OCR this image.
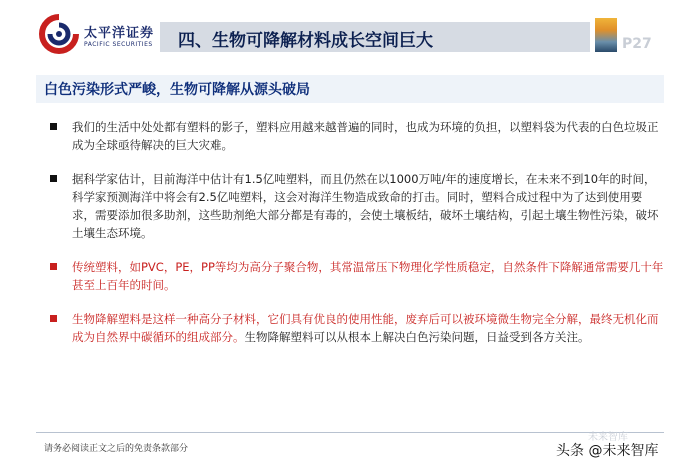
太平洋证券
PACIFIC SECURITIES 四、生物可降解材料成长空间巨大	P27
白色污染形式严峻，生物可降解从源头破局
我们的生活中处处都有塑料的影子，塑料应用越来越普遍的同时，也成为环境的负担，以塑料袋为代表的白色垃圾正成为全球亟待解决的巨大灾难。
据科学家估计，目前海洋中估计有1.5亿吨塑料，而且仍然在以1000万吨/年的速度增长，在未来不到10年的时间，科学家预测海洋中将会有2.5亿吨塑料，这会对海洋生物造成致命的打击。同时，塑料合成过程中为了达到使用要求，需要添加很多助剂，这些助剂绝大部分都是有毒的，会使土壤板结，破坏土壤结构，引起土壤生物性污染，破坏土壤生态环境。
传统塑料，如PVC，PE，PP等均为高分子聚合物，其常温常压下物理化学性质稳定，自然条件下降解通常需要几十年甚至上百年的时间。
生物降解塑料是这样一种高分子材料，它们具有优良的使用性能，废弃后可以被环境微生物完全分解，最终无机化而成为自然界中碳循环的组成部分。生物降解塑料可以从根本上解决白色污染问题，日益受到各方关注。
请务必阅读正文之后的免责条款部分
未来智库
头条 @未来智库
